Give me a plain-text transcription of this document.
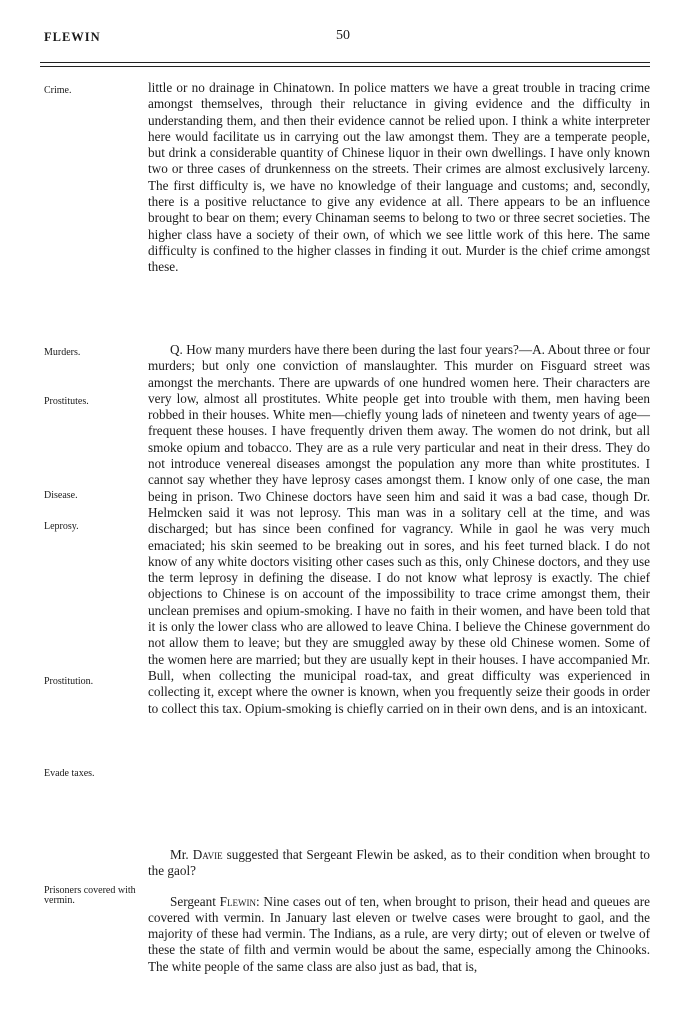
FLEWIN	50
Crime.
Murders.
Prostitutes.
Disease.
Leprosy.
Prostitution.
Evade taxes.
Prisoners covered with vermin.

little or no drainage in Chinatown. In police matters we have a great trouble in tracing crime amongst themselves, through their reluctance in giving evidence and the difficulty in understanding them, and then their evidence cannot be relied upon. I think a white interpreter here would facilitate us in carrying out the law amongst them. They are a temperate people, but drink a considerable quantity of Chinese liquor in their own dwellings. I have only known two or three cases of drunkenness on the streets. Their crimes are almost exclusively larceny. The first difficulty is, we have no knowledge of their language and customs; and, secondly, there is a positive reluctance to give any evidence at all. There appears to be an influence brought to bear on them; every Chinaman seems to belong to two or three secret societies. The higher class have a society of their own, of which we see little work of this here. The same difficulty is confined to the higher classes in finding it out. Murder is the chief crime amongst these.

Q. How many murders have there been during the last four years?—A. About three or four murders; but only one conviction of manslaughter. This murder on Fisguard street was amongst the merchants. There are upwards of one hundred women here. Their characters are very low, almost all prostitutes. White people get into trouble with them, men having been robbed in their houses. White men—chiefly young lads of nineteen and twenty years of age—frequent these houses. I have frequently driven them away. The women do not drink, but all smoke opium and tobacco. They are as a rule very particular and neat in their dress. They do not introduce venereal diseases amongst the population any more than white prostitutes. I cannot say whether they have leprosy cases amongst them. I know only of one case, the man being in prison. Two Chinese doctors have seen him and said it was a bad case, though Dr. Helmcken said it was not leprosy. This man was in a solitary cell at the time, and was discharged; but has since been confined for vagrancy. While in gaol he was very much emaciated; his skin seemed to be breaking out in sores, and his feet turned black. I do not know of any white doctors visiting other cases such as this, only Chinese doctors, and they use the term leprosy in defining the disease. I do not know what leprosy is exactly. The chief objections to Chinese is on account of the impossibility to trace crime amongst them, their unclean premises and opium-smoking. I have no faith in their women, and have been told that it is only the lower class who are allowed to leave China. I believe the Chinese government do not allow them to leave; but they are smuggled away by these old Chinese women. Some of the women here are married; but they are usually kept in their houses. I have accompanied Mr. Bull, when collecting the municipal road-tax, and great difficulty was experienced in collecting it, except where the owner is known, when you frequently seize their goods in order to collect this tax. Opium-smoking is chiefly carried on in their own dens, and is an intoxicant.

Mr. Davie suggested that Sergeant Flewin be asked, as to their condition when brought to the gaol?

Sergeant Flewin: Nine cases out of ten, when brought to prison, their head and queues are covered with vermin. In January last eleven or twelve cases were brought to gaol, and the majority of these had vermin. The Indians, as a rule, are very dirty; out of eleven or twelve of these the state of filth and vermin would be about the same, especially among the Chinooks. The white people of the same class are also just as bad, that is,
